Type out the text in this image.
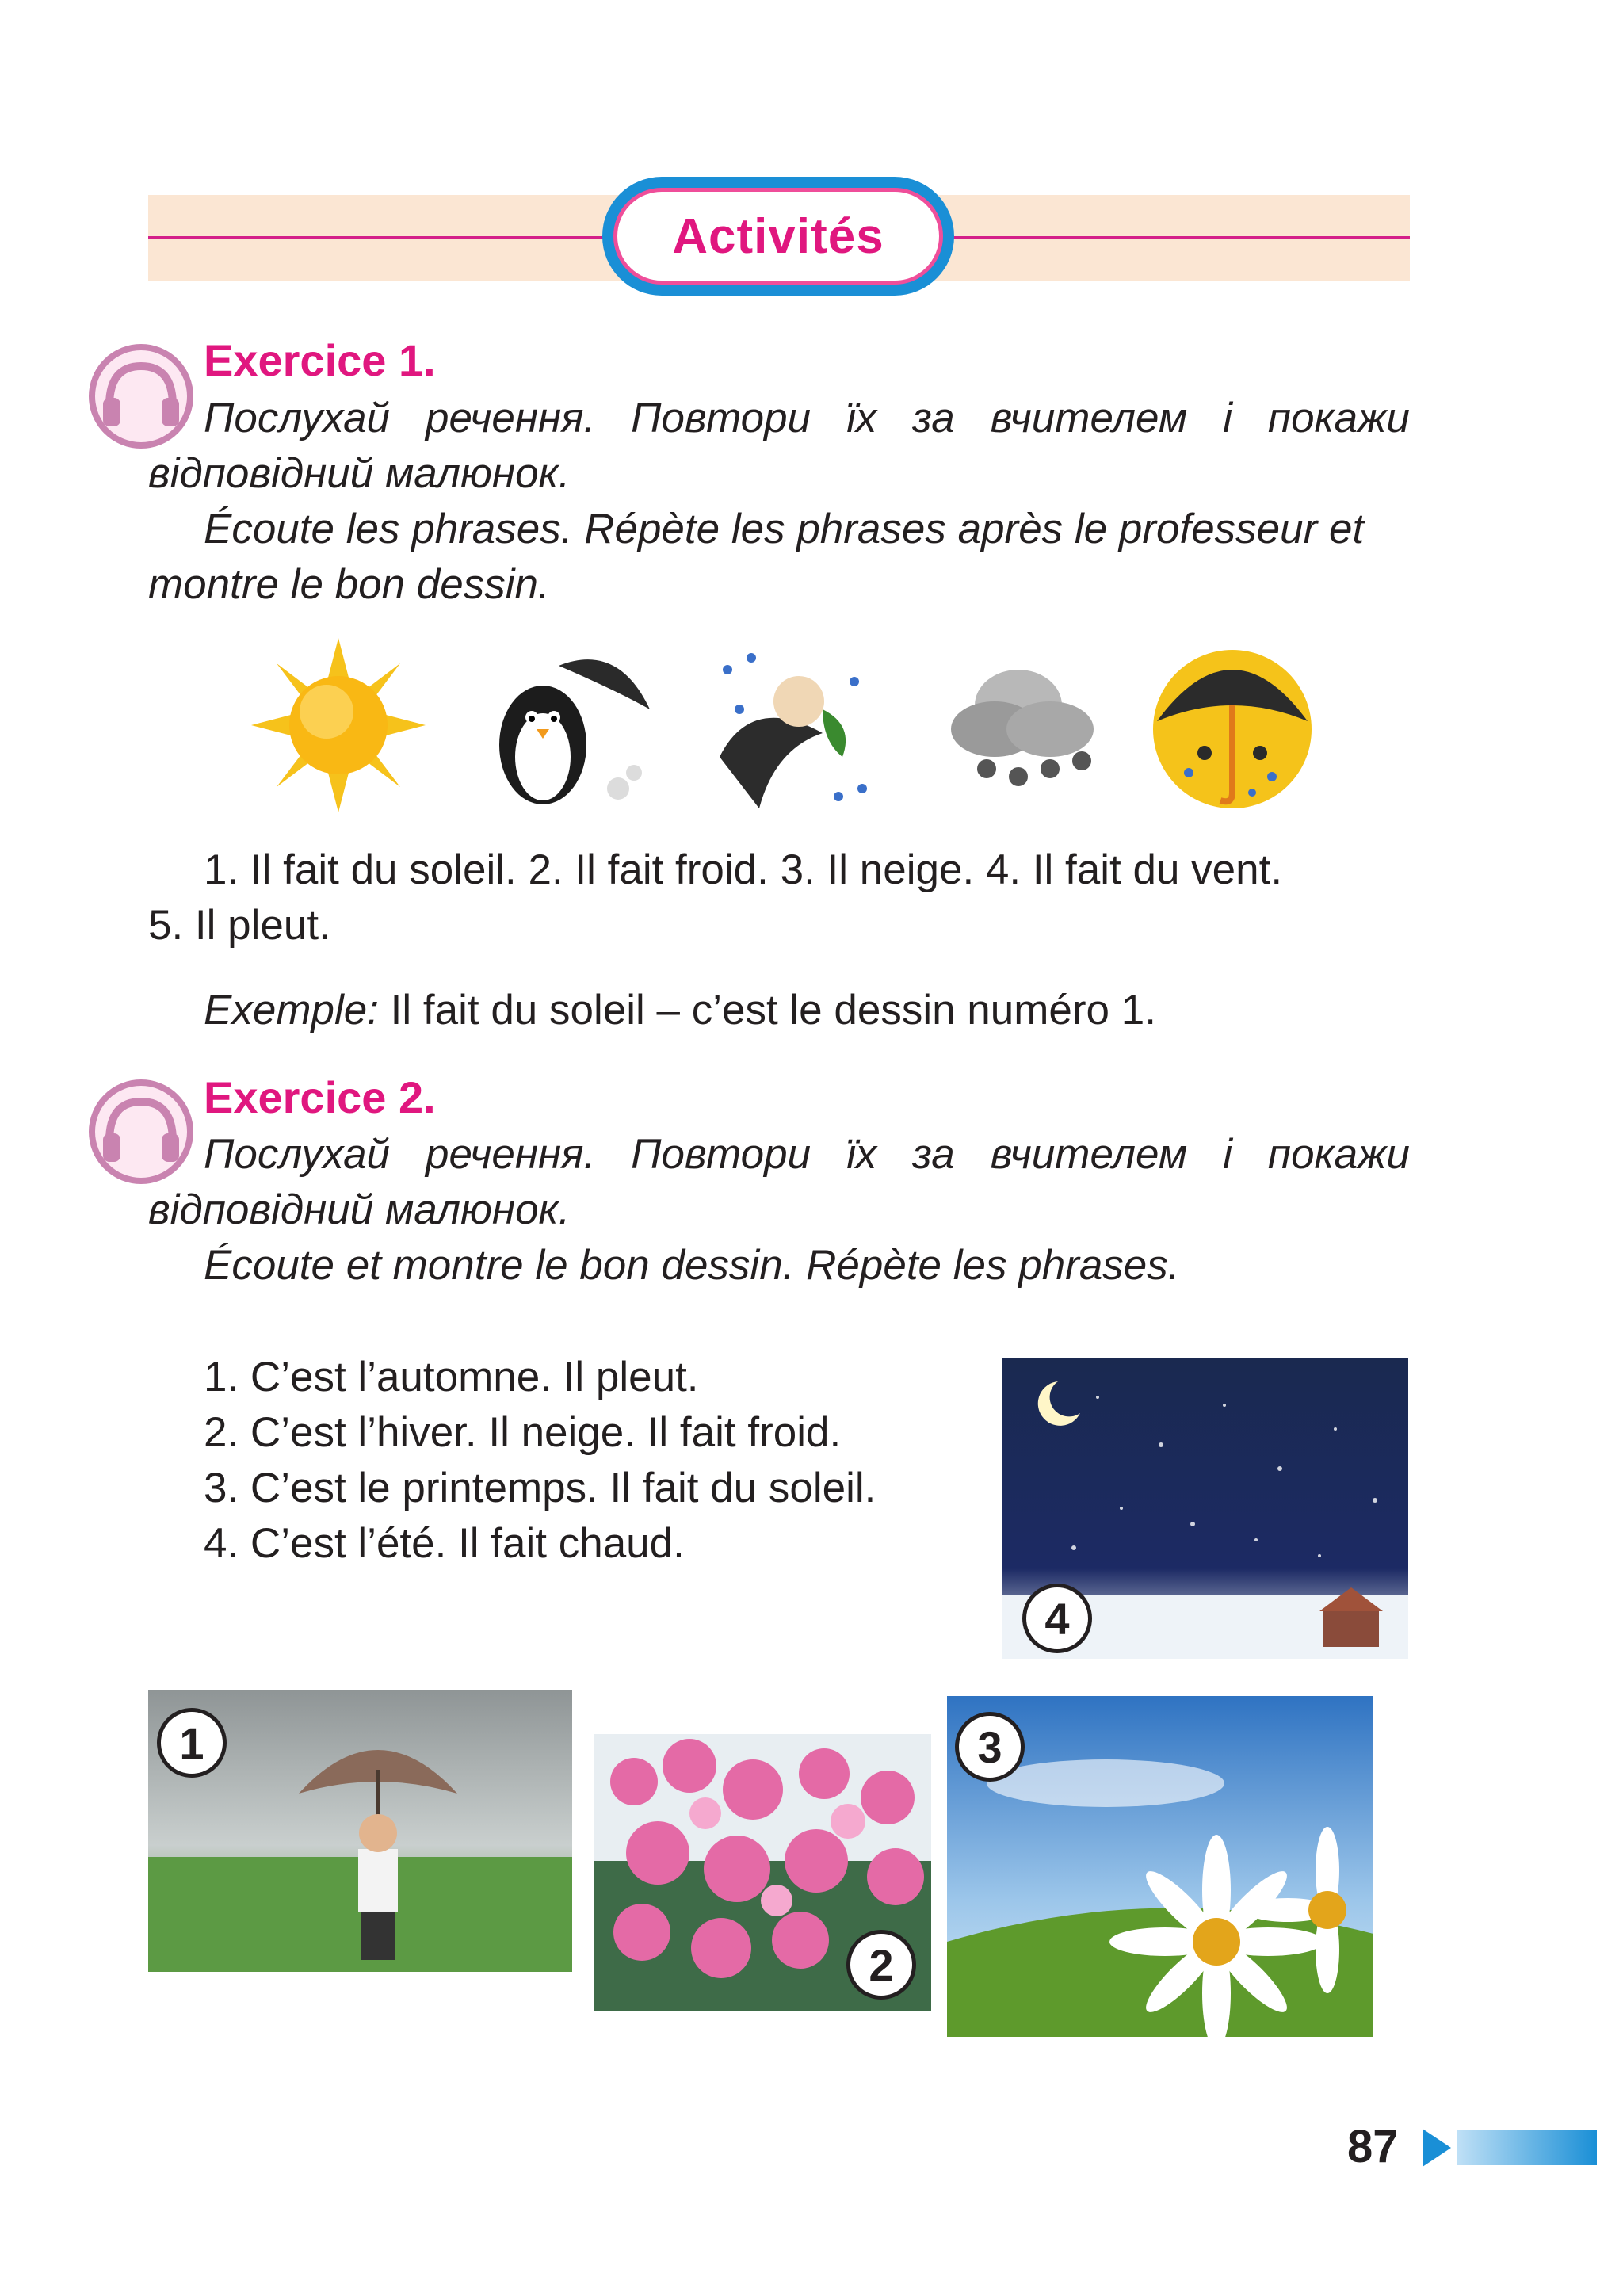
Activités
Exercice 1.
Послухай речення. Повтори їх за вчителем і покажи відповідний малюнок.
Écoute les phrases. Répète les phrases après le professeur et montre le bon dessin.
1. Il fait du soleil. 2. Il fait froid. 3. Il neige. 4. Il fait du vent.
5. Il pleut.
Exemple: Il fait du soleil – c’est le dessin numéro 1.
Exercice 2.
Послухай речення. Повтори їх за вчителем і покажи відповідний малюнок.
Écoute et montre le bon dessin. Répète les phrases.
1. C’est l’automne. Il pleut.
2. C’est l’hiver. Il neige. Il fait froid.
3. C’est le printemps. Il fait du soleil.
4. C’est l’été. Il fait chaud.
4
1
2
3
87
